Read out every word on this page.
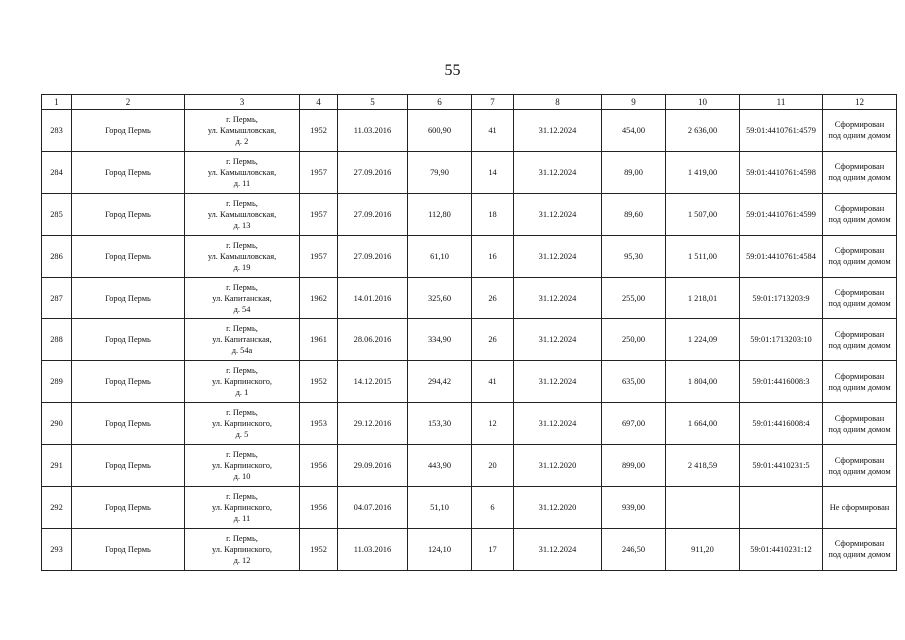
55
1	2	3	4	5	6	7	8	9	10	11	12
283	Город Пермь	г. Пермь,
ул. Камышловская,
д. 2	1952	11.03.2016	600,90	41	31.12.2024	454,00	2 636,00	59:01:4410761:4579	Сформирован
под одним домом

284	Город Пермь	г. Пермь,
ул. Камышловская,
д. 11	1957	27.09.2016	79,90	14	31.12.2024	89,00	1 419,00	59:01:4410761:4598	Сформирован
под одним домом

285	Город Пермь	г. Пермь,
ул. Камышловская,
д. 13	1957	27.09.2016	112,80	18	31.12.2024	89,60	1 507,00	59:01:4410761:4599	Сформирован
под одним домом

286	Город Пермь	г. Пермь,
ул. Камышловская,
д. 19	1957	27.09.2016	61,10	16	31.12.2024	95,30	1 511,00	59:01:4410761:4584	Сформирован
под одним домом

287	Город Пермь	г. Пермь,
ул. Капитанская,
д. 54	1962	14.01.2016	325,60	26	31.12.2024	255,00	1 218,01	59:01:1713203:9	Сформирован
под одним домом

288	Город Пермь	г. Пермь,
ул. Капитанская,
д. 54а	1961	28.06.2016	334,90	26	31.12.2024	250,00	1 224,09	59:01:1713203:10	Сформирован
под одним домом

289	Город Пермь	г. Пермь,
ул. Карпинского,
д. 1	1952	14.12.2015	294,42	41	31.12.2024	635,00	1 804,00	59:01:4416008:3	Сформирован
под одним домом

290	Город Пермь	г. Пермь,
ул. Карпинского,
д. 5	1953	29.12.2016	153,30	12	31.12.2024	697,00	1 664,00	59:01:4416008:4	Сформирован
под одним домом

291	Город Пермь	г. Пермь,
ул. Карпинского,
д. 10	1956	29.09.2016	443,90	20	31.12.2020	899,00	2 418,59	59:01:4410231:5	Сформирован
под одним домом

292	Город Пермь	г. Пермь,
ул. Карпинского,
д. 11	1956	04.07.2016	51,10	6	31.12.2020	939,00			Не сформирован

293	Город Пермь	г. Пермь,
ул. Карпинского,
д. 12	1952	11.03.2016	124,10	17	31.12.2024	246,50	911,20	59:01:4410231:12	Сформирован
под одним домом
